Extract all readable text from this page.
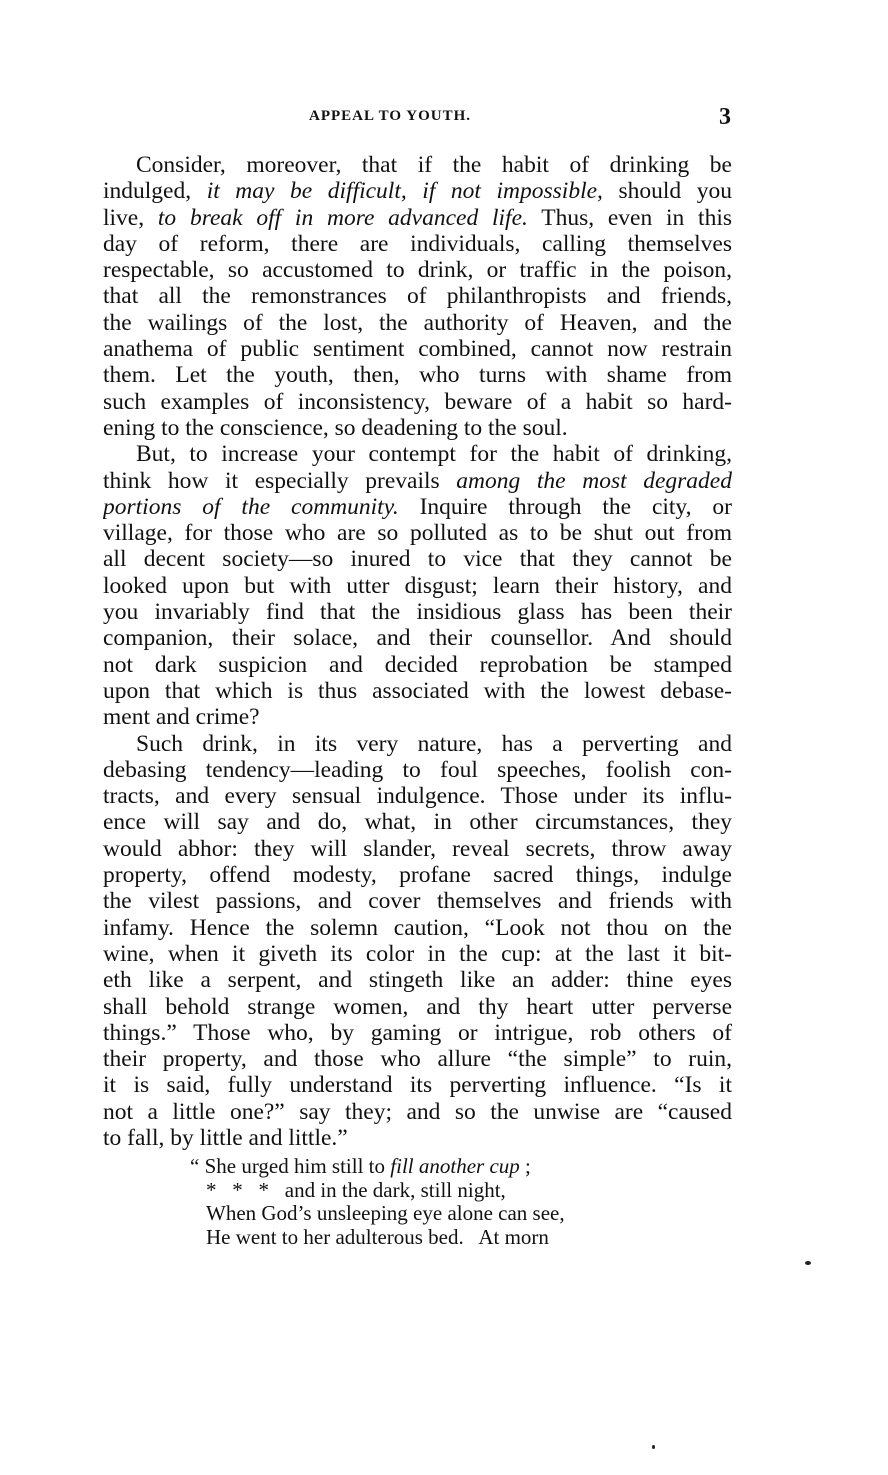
APPEAL TO YOUTH.	3
Consider, moreover, that if the habit of drinking be
indulged, it may be difficult, if not impossible, should you
live, to break off in more advanced life. Thus, even in this
day of reform, there are individuals, calling themselves
respectable, so accustomed to drink, or traffic in the poison,
that all the remonstrances of philanthropists and friends,
the wailings of the lost, the authority of Heaven, and the
anathema of public sentiment combined, cannot now restrain
them. Let the youth, then, who turns with shame from
such examples of inconsistency, beware of a habit so hard-
ening to the conscience, so deadening to the soul.
But, to increase your contempt for the habit of drinking,
think how it especially prevails among the most degraded
portions of the community. Inquire through the city, or
village, for those who are so polluted as to be shut out from
all decent society—so inured to vice that they cannot be
looked upon but with utter disgust; learn their history, and
you invariably find that the insidious glass has been their
companion, their solace, and their counsellor. And should
not dark suspicion and decided reprobation be stamped
upon that which is thus associated with the lowest debase-
ment and crime?
Such drink, in its very nature, has a perverting and
debasing tendency—leading to foul speeches, foolish con-
tracts, and every sensual indulgence. Those under its influ-
ence will say and do, what, in other circumstances, they
would abhor: they will slander, reveal secrets, throw away
property, offend modesty, profane sacred things, indulge
the vilest passions, and cover themselves and friends with
infamy. Hence the solemn caution, “Look not thou on the
wine, when it giveth its color in the cup: at the last it bit-
eth like a serpent, and stingeth like an adder: thine eyes
shall behold strange women, and thy heart utter perverse
things.” Those who, by gaming or intrigue, rob others of
their property, and those who allure “the simple” to ruin,
it is said, fully understand its perverting influence. “Is it
not a little one?” say they; and so the unwise are “caused
to fall, by little and little.”
“ She urged him still to fill another cup ;
*   *   *   and in the dark, still night,
When God’s unsleeping eye alone can see,
He went to her adulterous bed.   At morn
